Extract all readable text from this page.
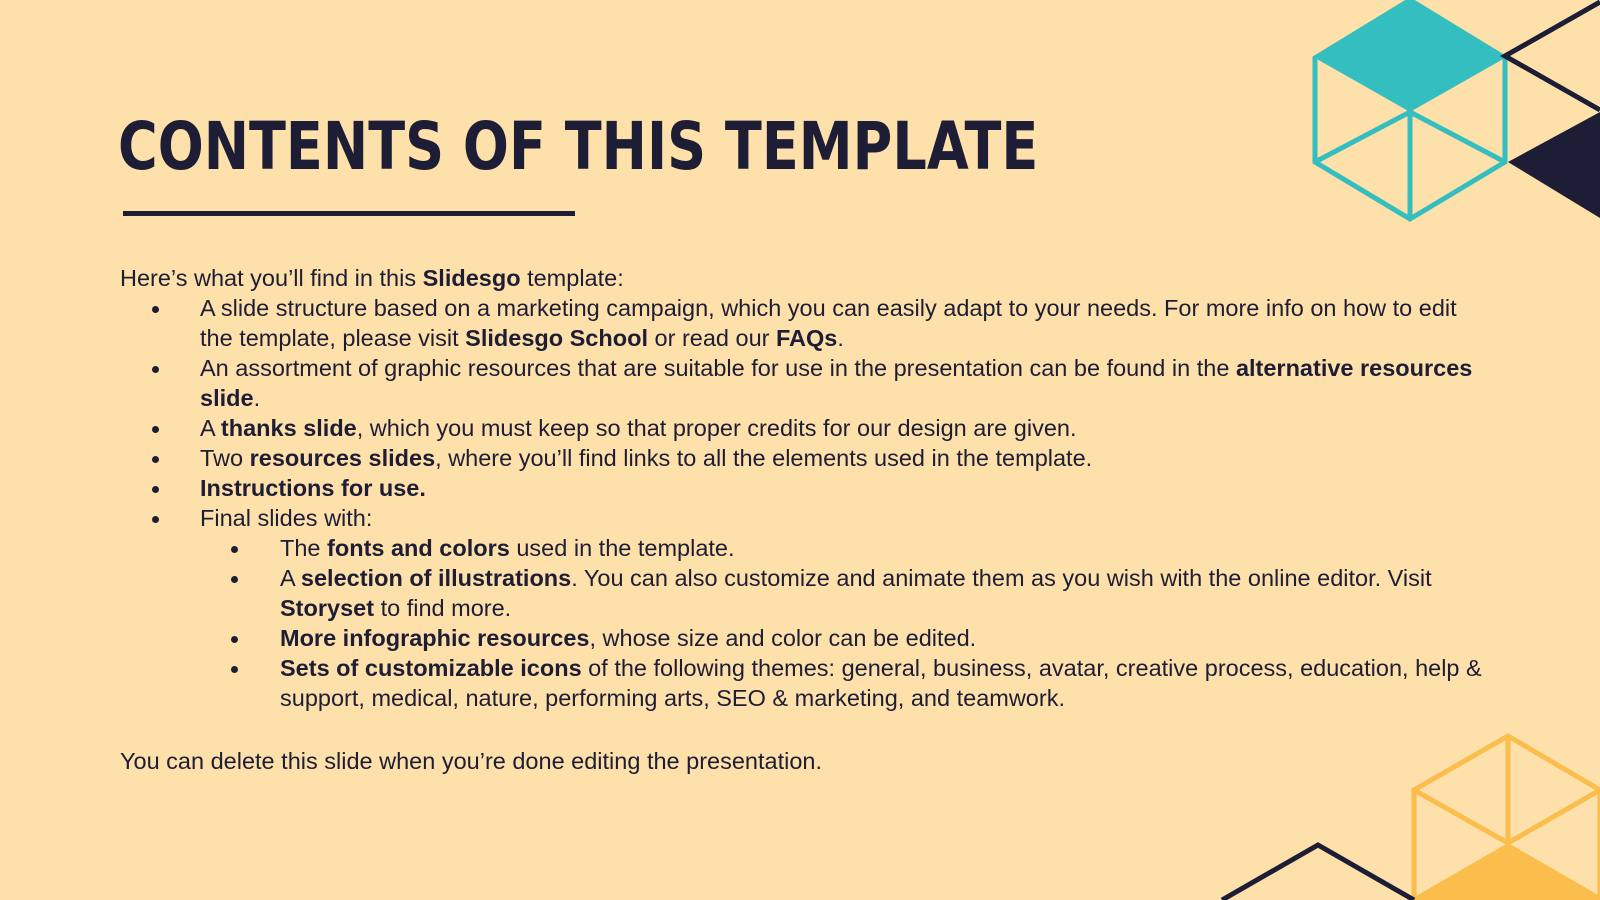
CONTENTS OF THIS TEMPLATE

Here’s what you’ll find in this Slidesgo template:

A slide structure based on a marketing campaign, which you can easily adapt to your needs. For more info on how to edit the template, please visit Slidesgo School or read our FAQs.
An assortment of graphic resources that are suitable for use in the presentation can be found in the alternative resources slide.
A thanks slide, which you must keep so that proper credits for our design are given.
Two resources slides, where you’ll find links to all the elements used in the template.
Instructions for use.
Final slides with:
The fonts and colors used in the template.
A selection of illustrations. You can also customize and animate them as you wish with the online editor. Visit Storyset to find more.
More infographic resources, whose size and color can be edited.
Sets of customizable icons of the following themes: general, business, avatar, creative process, education, help & support, medical, nature, performing arts, SEO & marketing, and teamwork.

You can delete this slide when you’re done editing the presentation.
